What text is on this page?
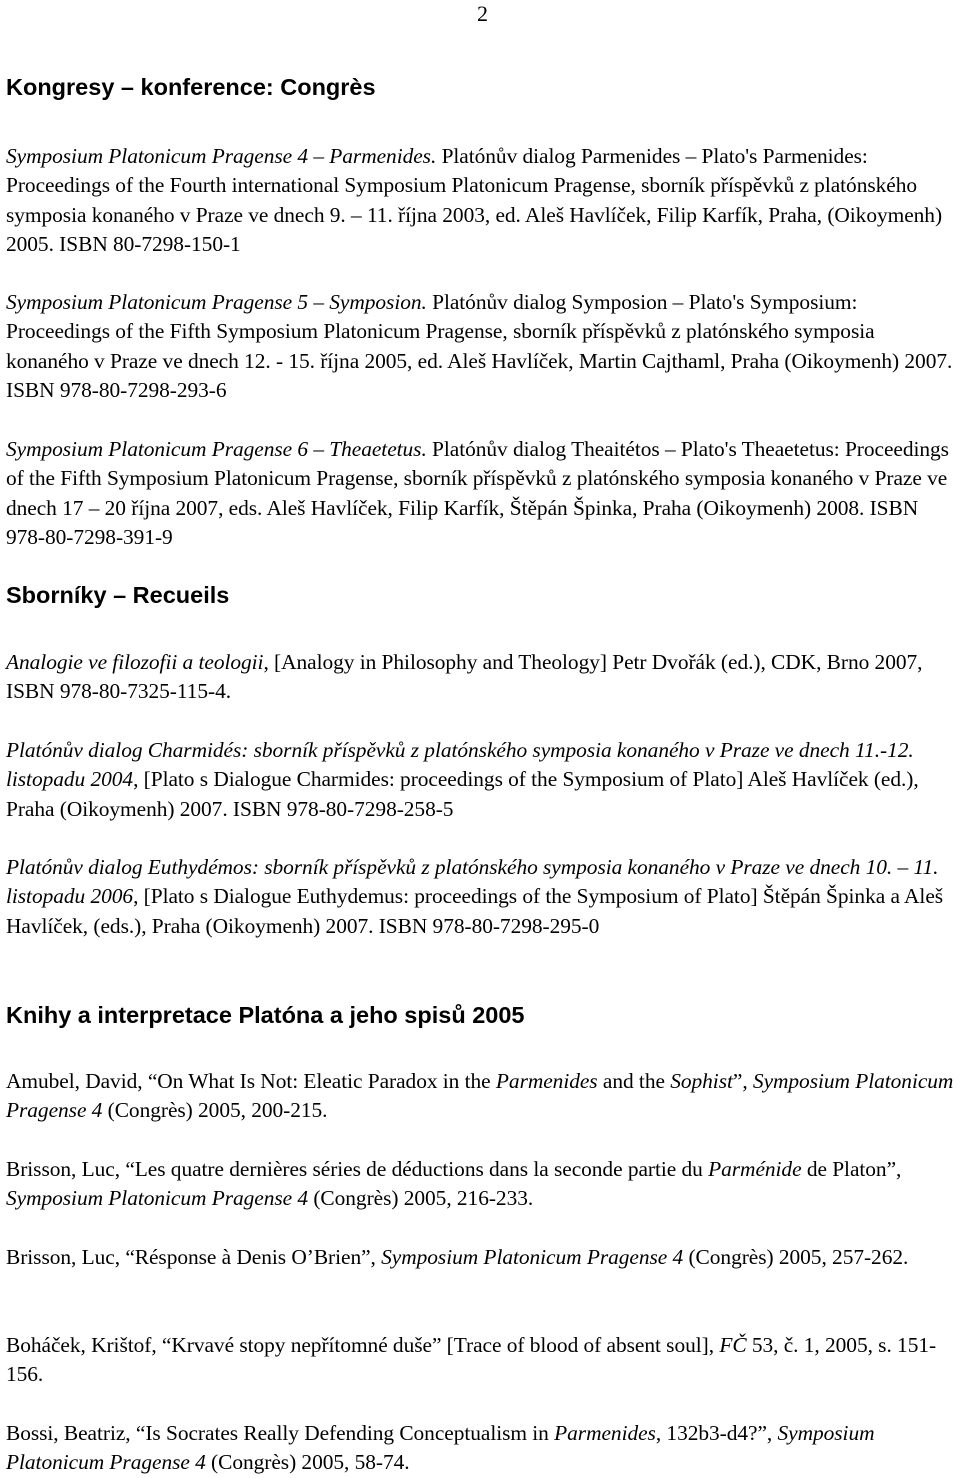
2
Kongresy – konference: Congrès

Symposium Platonicum Pragense 4 – Parmenides. Platónův dialog Parmenides – Plato's Parmenides: Proceedings of the Fourth international Symposium Platonicum Pragense, sborník příspěvků z platónského symposia konaného v Praze ve dnech 9. – 11. října 2003, ed. Aleš Havlíček, Filip Karfík, Praha, (Oikoymenh) 2005. ISBN 80-7298-150-1

Symposium Platonicum Pragense 5 – Symposion. Platónův dialog Symposion – Plato's Symposium: Proceedings of the Fifth Symposium Platonicum Pragense, sborník příspěvků z platónského symposia konaného v Praze ve dnech 12. - 15. října 2005, ed. Aleš Havlíček, Martin Cajthaml, Praha (Oikoymenh) 2007. ISBN 978-80-7298-293-6

Symposium Platonicum Pragense 6 – Theaetetus. Platónův dialog Theaitétos – Plato's Theaetetus: Proceedings of the Fifth Symposium Platonicum Pragense, sborník příspěvků z platónského symposia konaného v Praze ve dnech 17 – 20 října 2007, eds. Aleš Havlíček, Filip Karfík, Štěpán Špinka, Praha (Oikoymenh) 2008. ISBN 978-80-7298-391-9

Sborníky – Recueils

Analogie ve filozofii a teologii, [Analogy in Philosophy and Theology] Petr Dvořák (ed.), CDK, Brno 2007, ISBN 978-80-7325-115-4.

Platónův dialog Charmidés: sborník příspěvků z platónského symposia konaného v Praze ve dnech 11.-12. listopadu 2004, [Plato s Dialogue Charmides: proceedings of the Symposium of Plato] Aleš Havlíček (ed.), Praha (Oikoymenh) 2007. ISBN 978-80-7298-258-5

Platónův dialog Euthydémos: sborník příspěvků z platónského symposia konaného v Praze ve dnech 10. – 11. listopadu 2006, [Plato s Dialogue Euthydemus: proceedings of the Symposium of Plato] Štěpán Špinka a Aleš Havlíček, (eds.), Praha (Oikoymenh) 2007. ISBN 978-80-7298-295-0

Knihy a interpretace Platóna a jeho spisů 2005

Amubel, David, “On What Is Not: Eleatic Paradox in the Parmenides and the Sophist”, Symposium Platonicum Pragense 4 (Congrès) 2005, 200-215.

Brisson, Luc, “Les quatre dernières séries de déductions dans la seconde partie du Parménide de Platon”, Symposium Platonicum Pragense 4 (Congrès) 2005, 216-233.

Brisson, Luc, “Résponse à Denis O’Brien”, Symposium Platonicum Pragense 4 (Congrès) 2005, 257-262.

Boháček, Krištof, “Krvavé stopy nepřítomné duše” [Trace of blood of absent soul], FČ 53, č. 1, 2005, s. 151-156.

Bossi, Beatriz, “Is Socrates Really Defending Conceptualism in Parmenides, 132b3-d4?”, Symposium Platonicum Pragense 4 (Congrès) 2005, 58-74.
